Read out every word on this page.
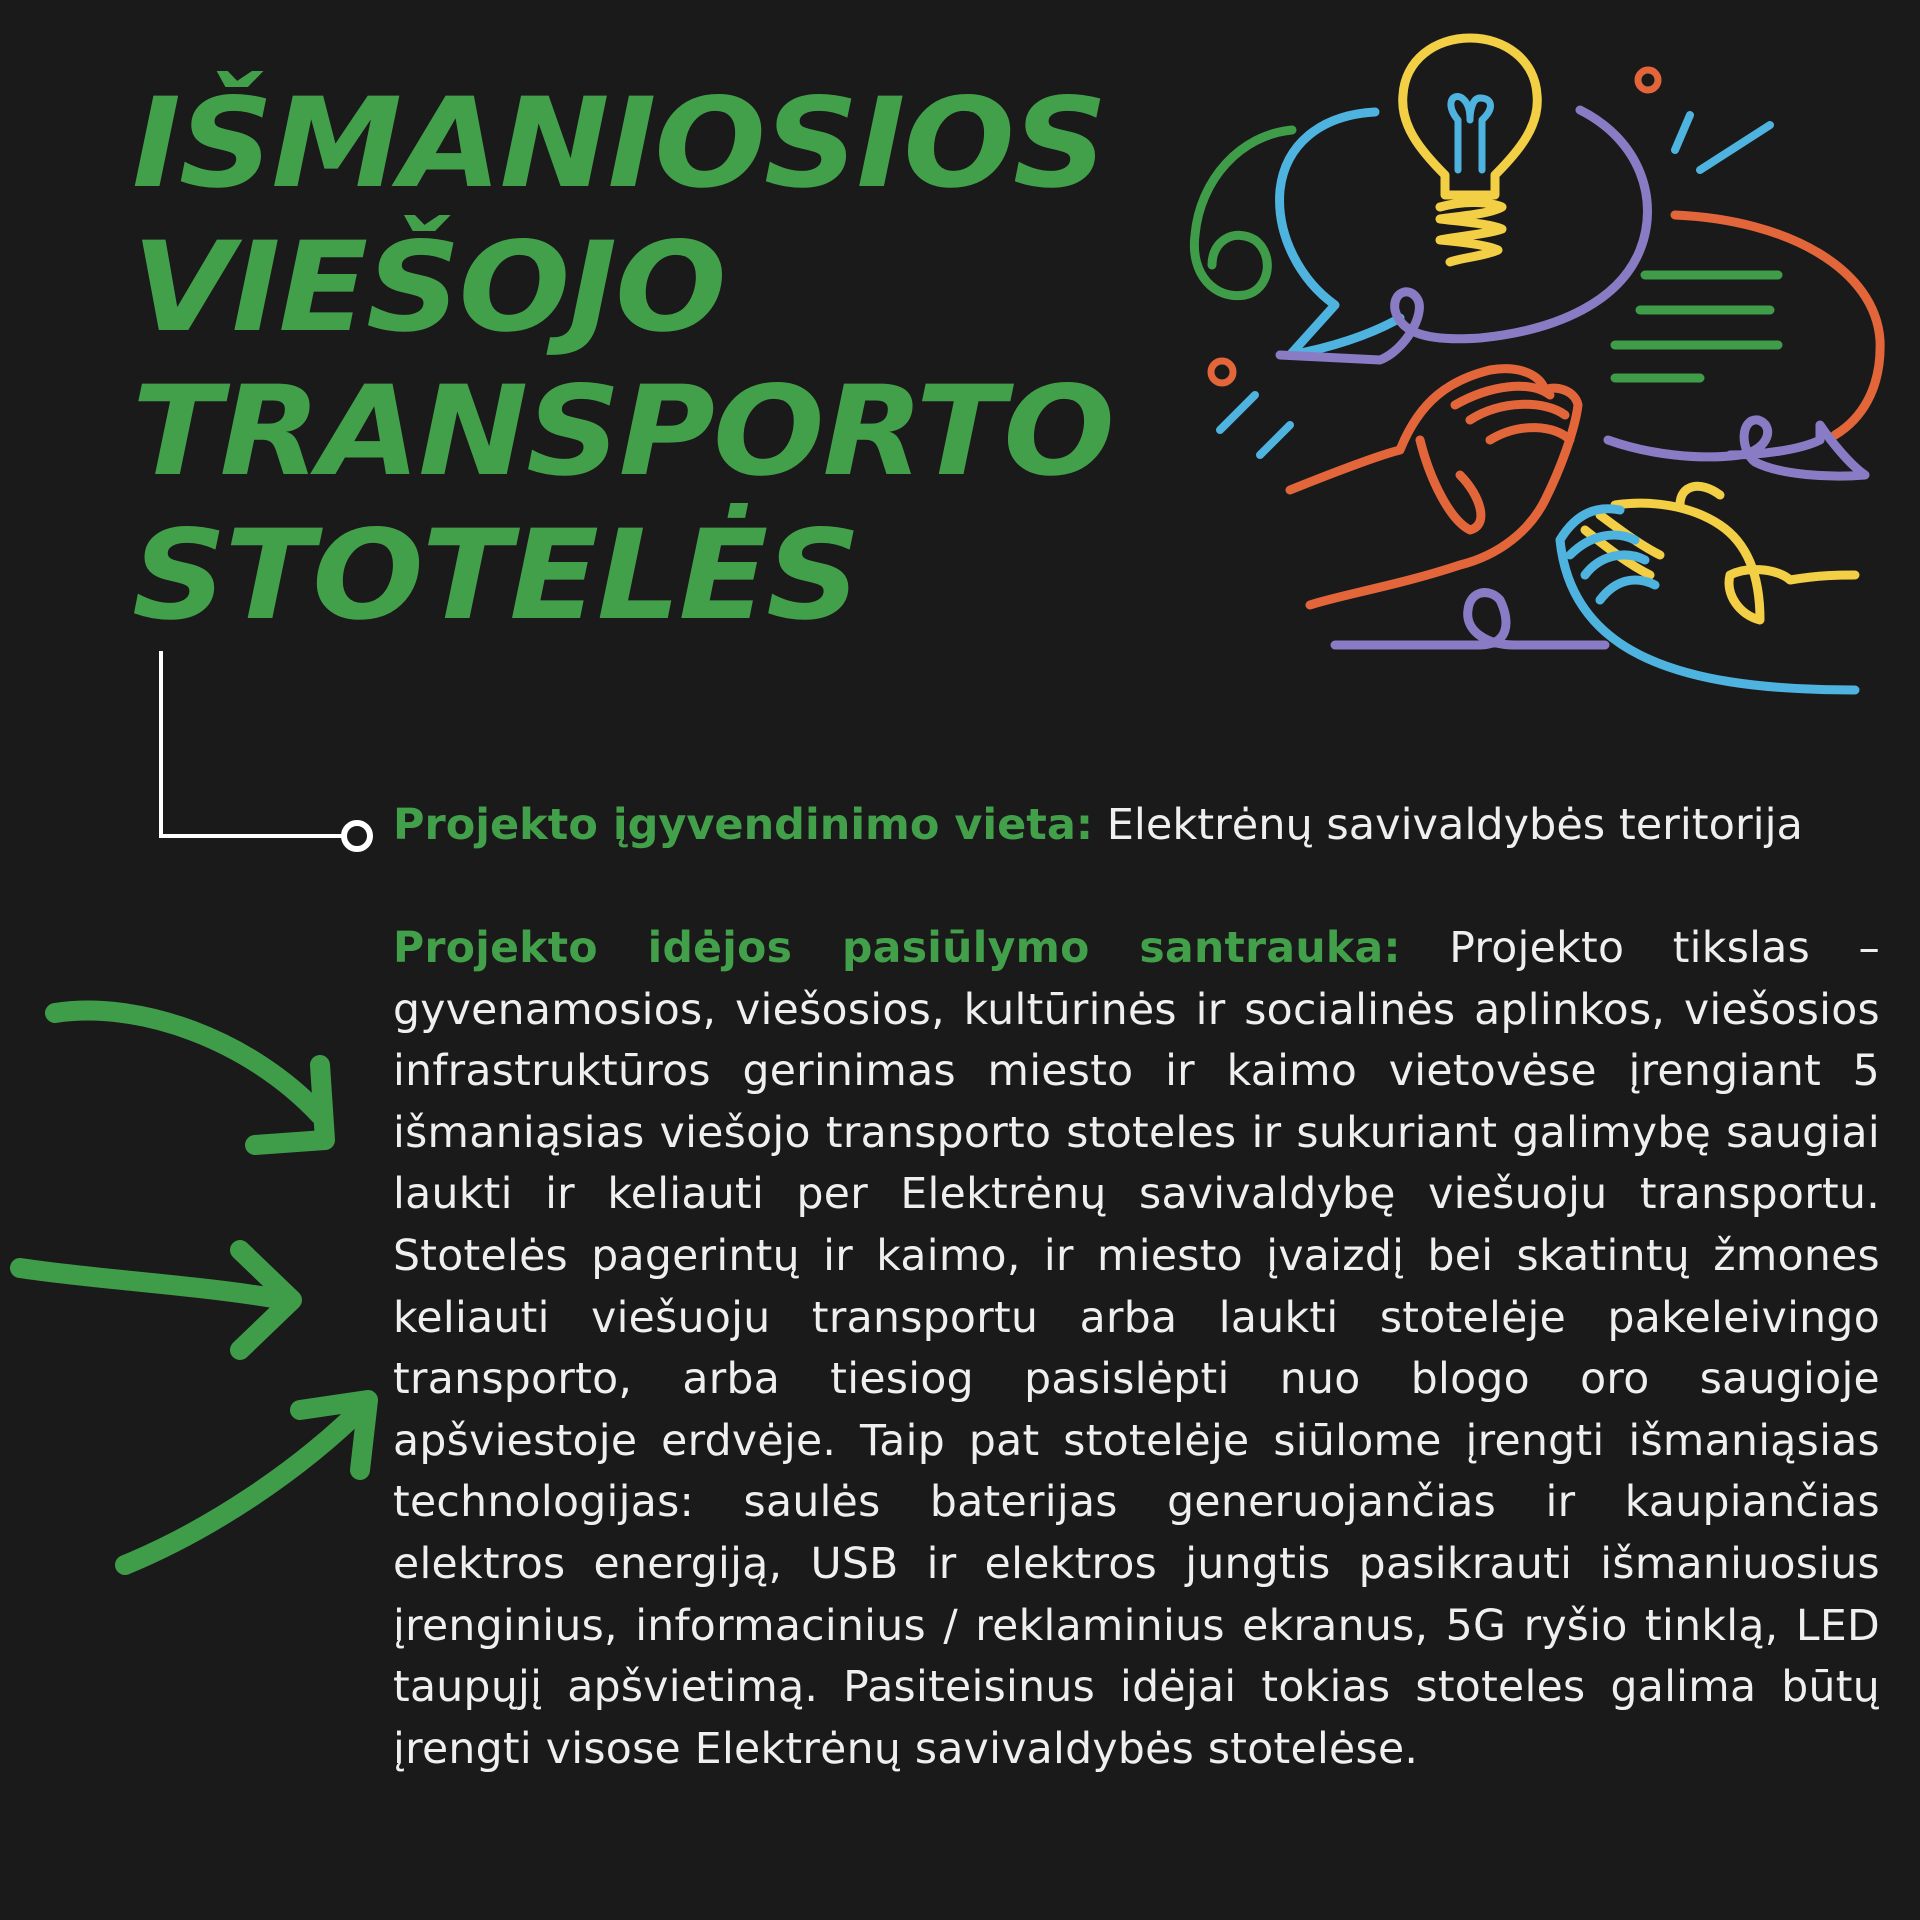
IŠMANIOSIOS
VIEŠOJO
TRANSPORTO
STOTELĖS

Projekto įgyvendinimo vieta: Elektrėnų savivaldybės teritorija

Projekto idėjos pasiūlymo santrauka: Projekto tikslas – gyvenamosios, viešosios, kultūrinės ir socialinės aplinkos, viešosios infrastruktūros gerinimas miesto ir kaimo vietovėse įrengiant 5 išmaniąsias viešojo transporto stoteles ir sukuriant galimybę saugiai laukti ir keliauti per Elektrėnų savivaldybę viešuoju transportu. Stotelės pagerintų ir kaimo, ir miesto įvaizdį bei skatintų žmones keliauti viešuoju transportu arba laukti stotelėje pakeleivingo transporto, arba tiesiog pasislėpti nuo blogo oro saugioje apšviestoje erdvėje. Taip pat stotelėje siūlome įrengti išmaniąsias technologijas: saulės baterijas generuojančias ir kaupiančias elektros energiją, USB ir elektros jungtis pasikrauti išmaniuosius įrenginius, informacinius / reklaminius ekranus, 5G ryšio tinklą, LED taupųjį apšvietimą. Pasiteisinus idėjai tokias stoteles galima būtų įrengti visose Elektrėnų savivaldybės stotelėse.
